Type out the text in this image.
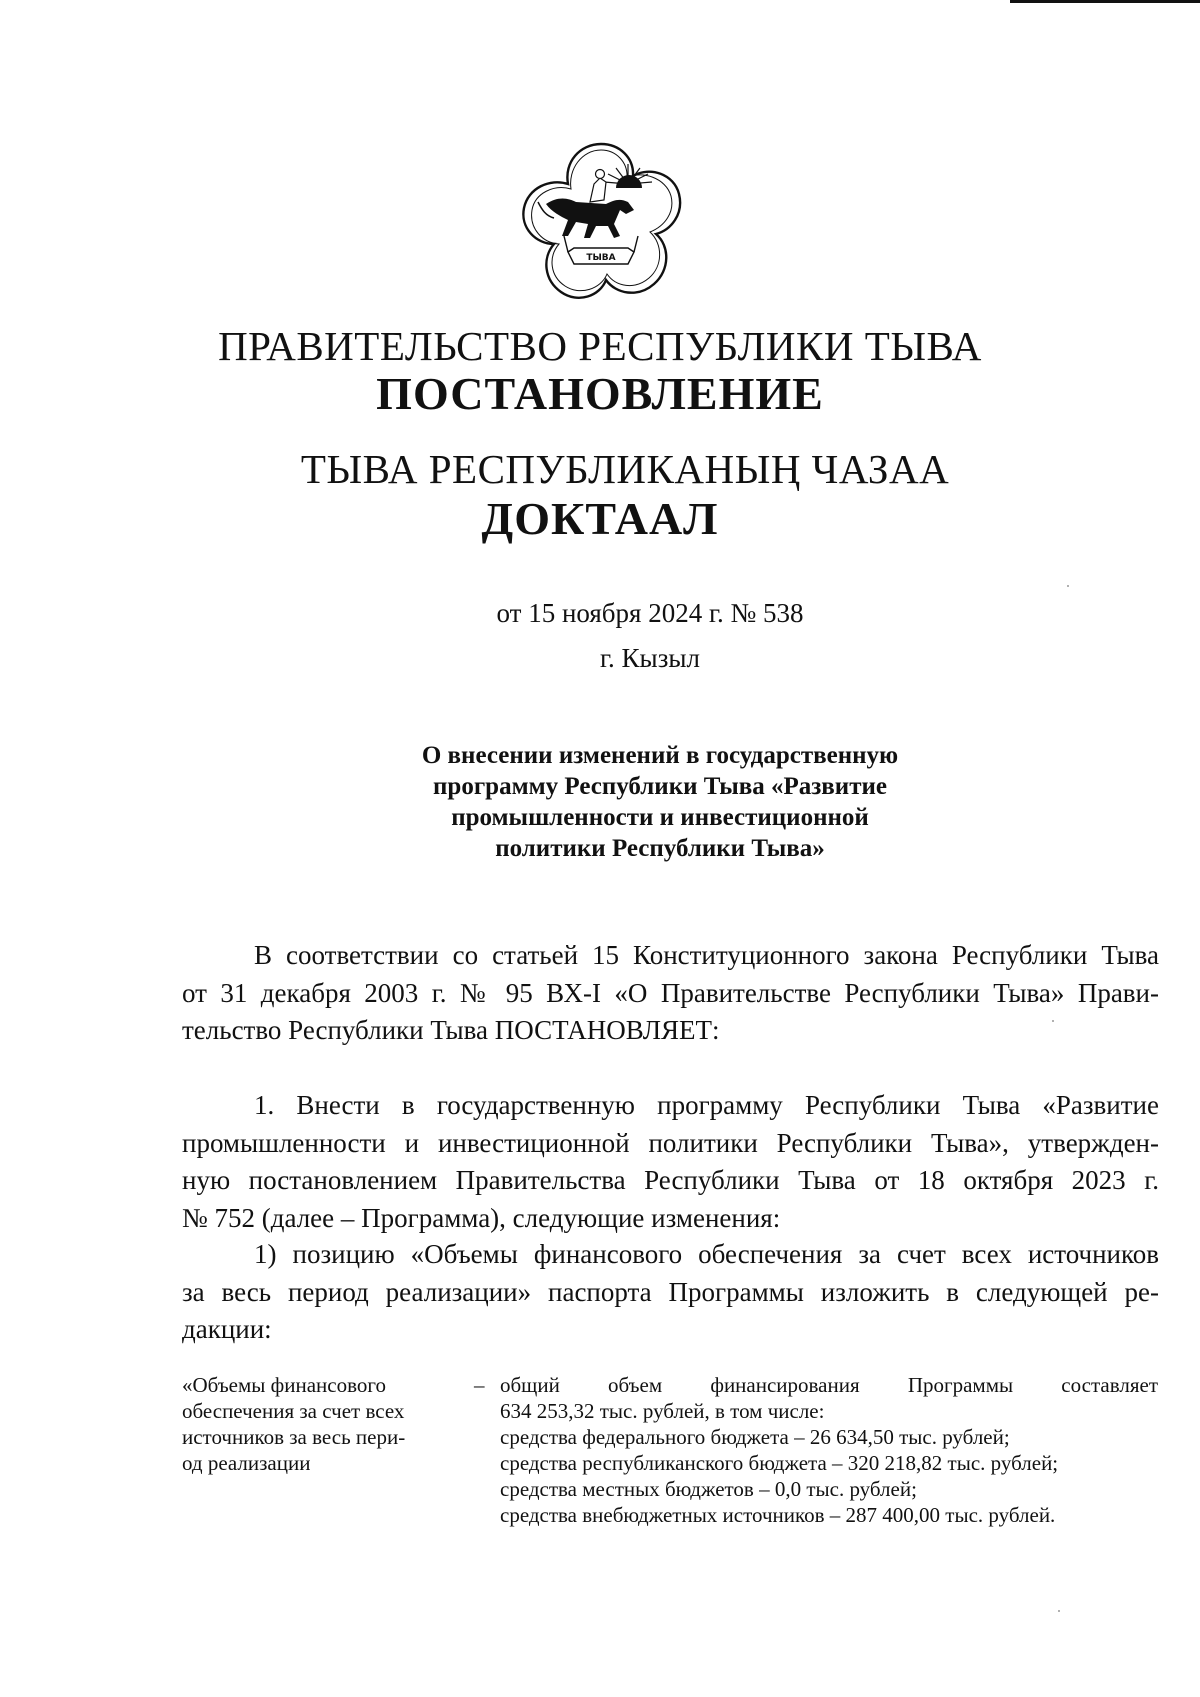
ТЫВА
ПРАВИТЕЛЬСТВО РЕСПУБЛИКИ ТЫВА
ПОСТАНОВЛЕНИЕ
ТЫВА РЕСПУБЛИКАНЫҢ ЧАЗАА
ДОКТААЛ
от 15 ноября 2024 г. № 538
г. Кызыл
О внесении изменений в государственную
программу Республики Тыва «Развитие
промышленности и инвестиционной
политики Республики Тыва»
В соответствии со статьей 15 Конституционного закона Республики Тыва
от 31 декабря 2003 г. № 95 ВХ-I «О Правительстве Республики Тыва» Прави-
тельство Республики Тыва ПОСТАНОВЛЯЕТ:
1. Внести в государственную программу Республики Тыва «Развитие
промышленности и инвестиционной политики Республики Тыва», утвержден-
ную постановлением Правительства Республики Тыва от 18 октября 2023 г.
№ 752 (далее – Программа), следующие изменения:
1) позицию «Объемы финансового обеспечения за счет всех источников
за весь период реализации» паспорта Программы изложить в следующей ре-
дакции:
«Объемы финансового
обеспечения за счет всех
источников за весь пери-
од реализации
– общий объем финансирования Программы составляет
634 253,32 тыс. рублей, в том числе:
средства федерального бюджета – 26 634,50 тыс. рублей;
средства республиканского бюджета – 320 218,82 тыс. рублей;
средства местных бюджетов – 0,0 тыс. рублей;
средства внебюджетных источников – 287 400,00 тыс. рублей.
